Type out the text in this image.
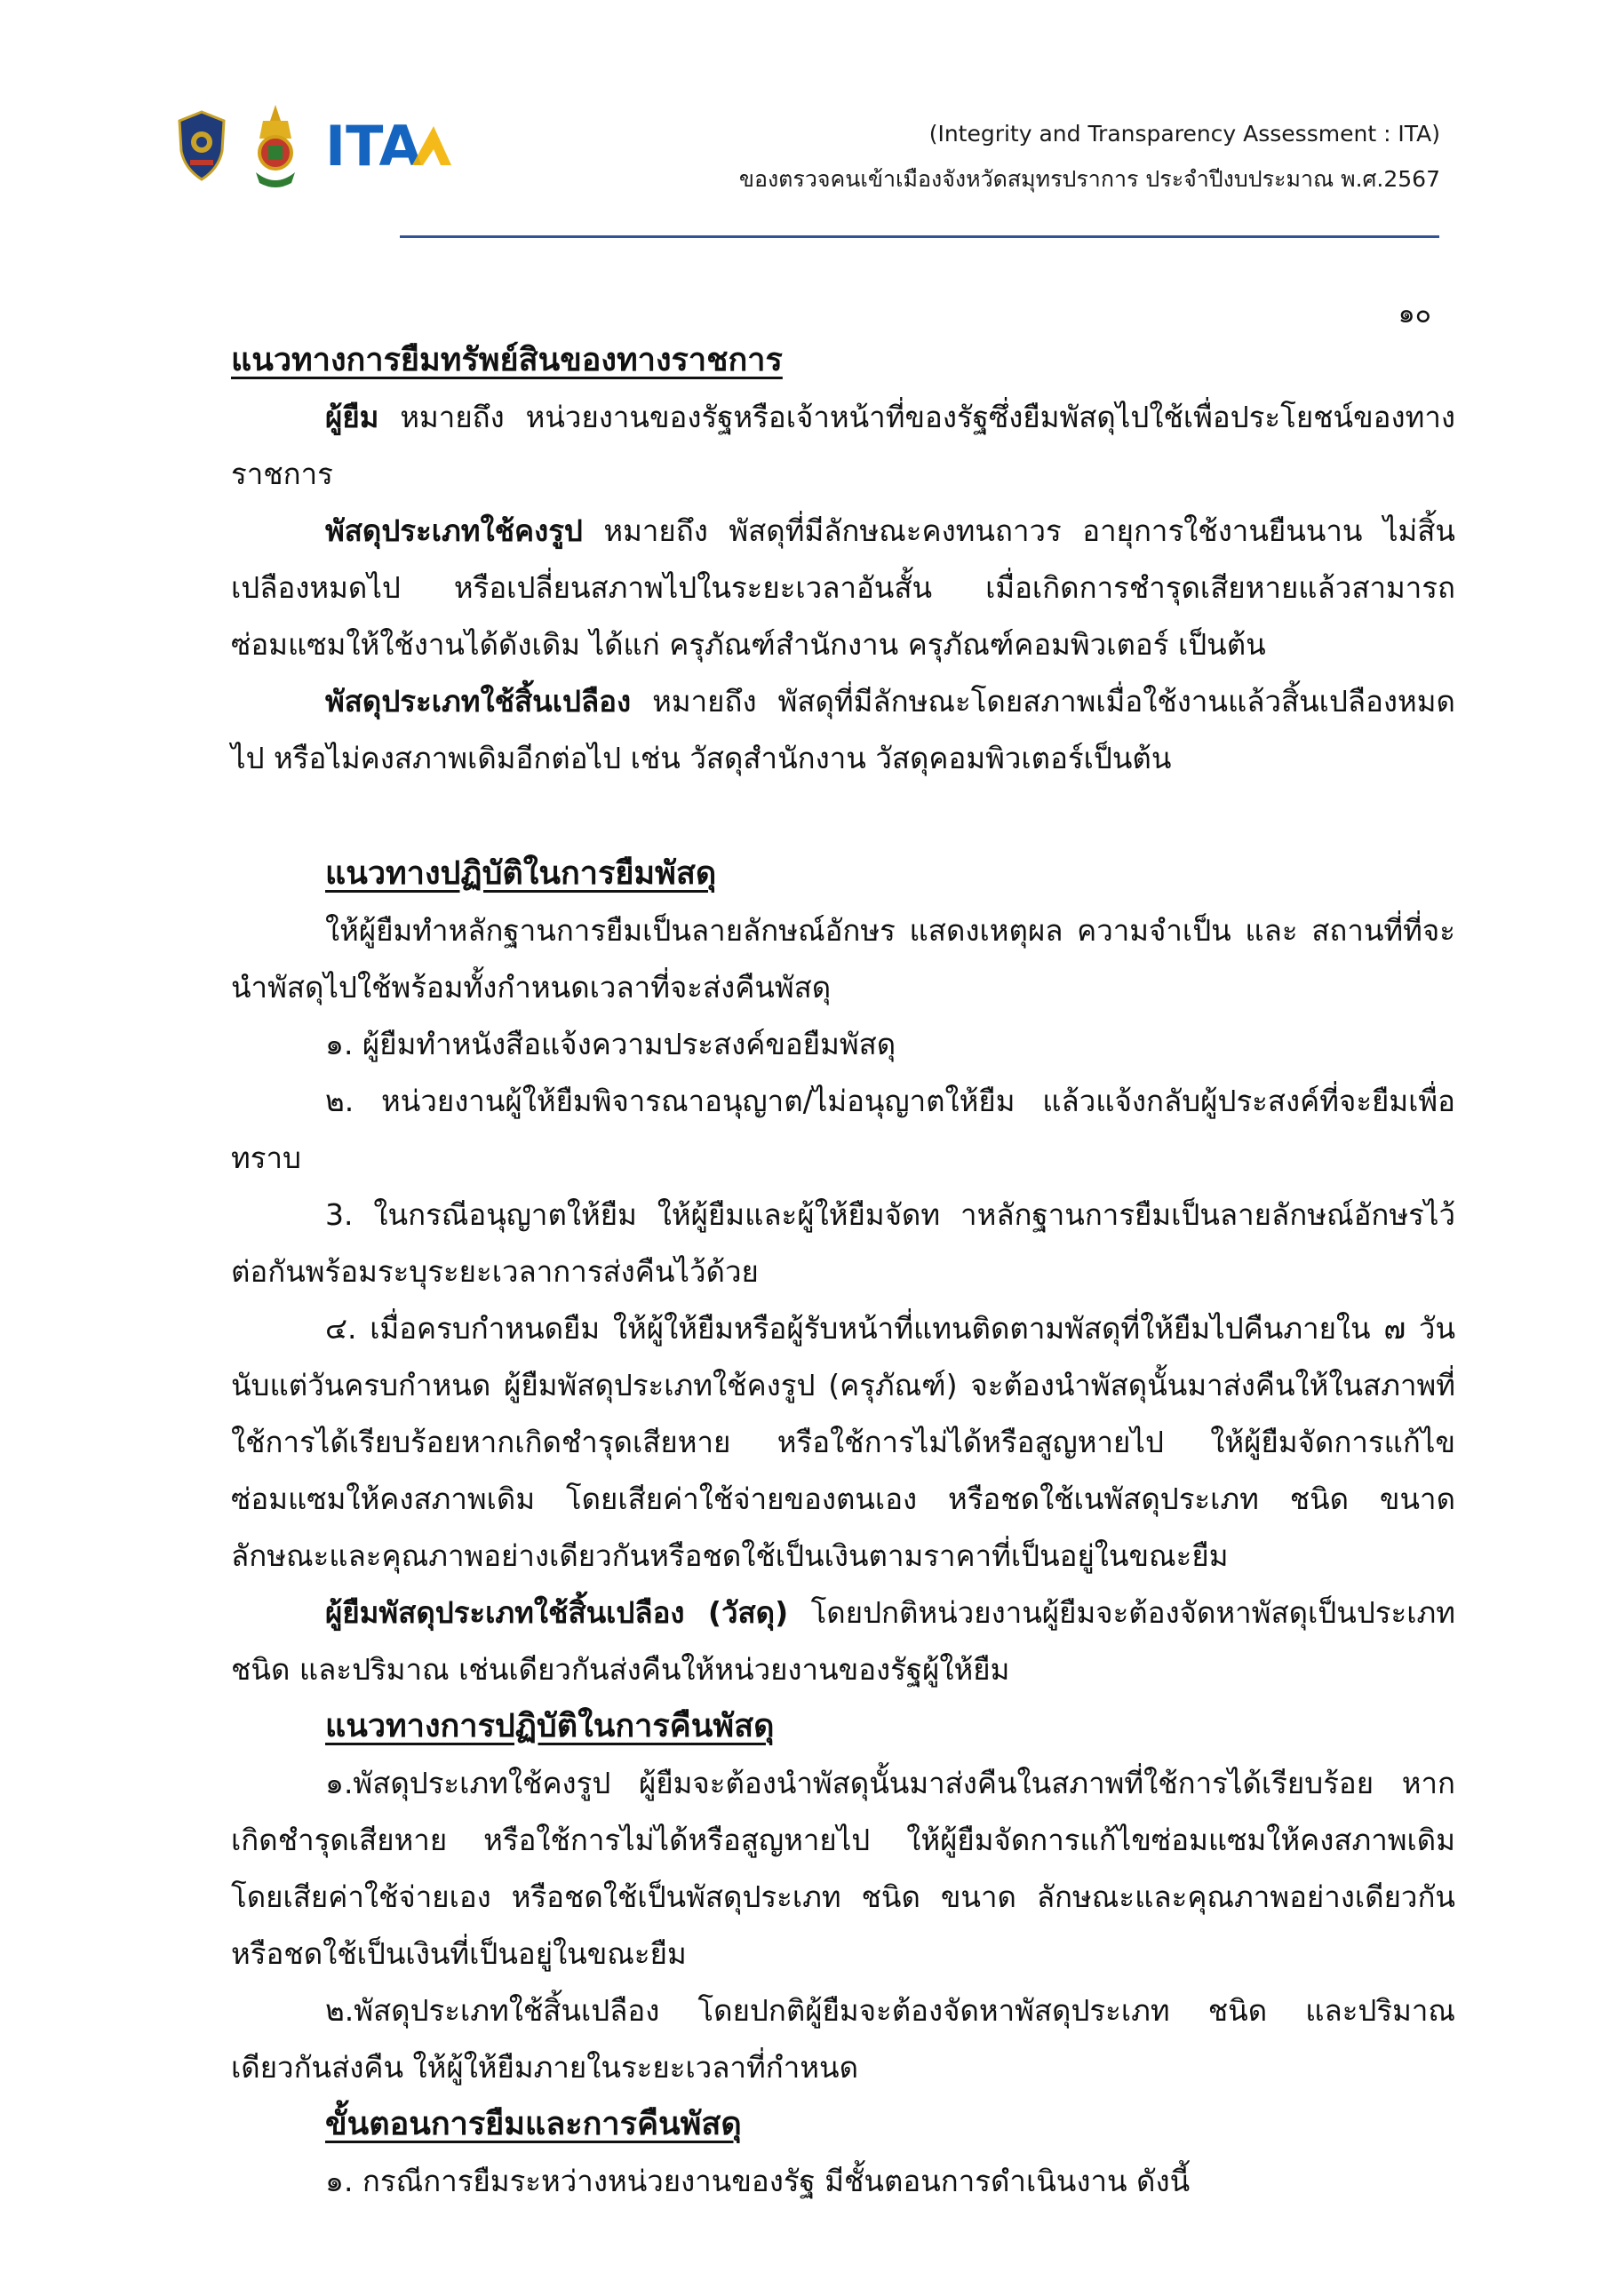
ITA	(Integrity and Transparency Assessment : ITA)
ของตรวจคนเข้าเมืองจังหวัดสมุทรปราการ ประจำปีงบประมาณ พ.ศ.2567
๑๐
แนวทางการยืมทรัพย์สินของทางราชการ

ผู้ยืม หมายถึง หน่วยงานของรัฐหรือเจ้าหน้าที่ของรัฐซึ่งยืมพัสดุไปใช้เพื่อประโยชน์ของทางราชการ

พัสดุประเภทใช้คงรูป หมายถึง พัสดุที่มีลักษณะคงทนถาวร อายุการใช้งานยืนนาน ไม่สิ้นเปลืองหมดไป หรือเปลี่ยนสภาพไปในระยะเวลาอันสั้น เมื่อเกิดการชำรุดเสียหายแล้วสามารถซ่อมแซมให้ใช้งานได้ดังเดิม ได้แก่ ครุภัณฑ์สำนักงาน ครุภัณฑ์คอมพิวเตอร์ เป็นต้น

พัสดุประเภทใช้สิ้นเปลือง หมายถึง พัสดุที่มีลักษณะโดยสภาพเมื่อใช้งานแล้วสิ้นเปลืองหมดไป หรือไม่คงสภาพเดิมอีกต่อไป เช่น วัสดุสำนักงาน วัสดุคอมพิวเตอร์เป็นต้น

แนวทางปฏิบัติในการยืมพัสดุ

ให้ผู้ยืมทำหลักฐานการยืมเป็นลายลักษณ์อักษร แสดงเหตุผล ความจำเป็น และ สถานที่ที่จะนำพัสดุไปใช้พร้อมทั้งกำหนดเวลาที่จะส่งคืนพัสดุ

๑. ผู้ยืมทำหนังสือแจ้งความประสงค์ขอยืมพัสดุ

๒. หน่วยงานผู้ให้ยืมพิจารณาอนุญาต/ไม่อนุญาตให้ยืม แล้วแจ้งกลับผู้ประสงค์ที่จะยืมเพื่อทราบ

3. ในกรณีอนุญาตให้ยืม ให้ผู้ยืมและผู้ให้ยืมจัดท าหลักฐานการยืมเป็นลายลักษณ์อักษรไว้ต่อกันพร้อมระบุระยะเวลาการส่งคืนไว้ด้วย

๔. เมื่อครบกำหนดยืม ให้ผู้ให้ยืมหรือผู้รับหน้าที่แทนติดตามพัสดุที่ให้ยืมไปคืนภายใน ๗ วัน นับแต่วันครบกำหนด ผู้ยืมพัสดุประเภทใช้คงรูป (ครุภัณฑ์) จะต้องนำพัสดุนั้นมาส่งคืนให้ในสภาพที่ใช้การได้เรียบร้อยหากเกิดชำรุดเสียหาย หรือใช้การไม่ได้หรือสูญหายไป ให้ผู้ยืมจัดการแก้ไขซ่อมแซมให้คงสภาพเดิม โดยเสียค่าใช้จ่ายของตนเอง หรือชดใช้เนพัสดุประเภท ชนิด ขนาด ลักษณะและคุณภาพอย่างเดียวกันหรือชดใช้เป็นเงินตามราคาที่เป็นอยู่ในขณะยืม

ผู้ยืมพัสดุประเภทใช้สิ้นเปลือง (วัสดุ) โดยปกติหน่วยงานผู้ยืมจะต้องจัดหาพัสดุเป็นประเภท ชนิด และปริมาณ เช่นเดียวกันส่งคืนให้หน่วยงานของรัฐผู้ให้ยืม

แนวทางการปฏิบัติในการคืนพัสดุ

๑.พัสดุประเภทใช้คงรูป ผู้ยืมจะต้องนำพัสดุนั้นมาส่งคืนในสภาพที่ใช้การได้เรียบร้อย หากเกิดชำรุดเสียหาย หรือใช้การไม่ได้หรือสูญหายไป ให้ผู้ยืมจัดการแก้ไขซ่อมแซมให้คงสภาพเดิม โดยเสียค่าใช้จ่ายเอง หรือชดใช้เป็นพัสดุประเภท ชนิด ขนาด ลักษณะและคุณภาพอย่างเดียวกัน หรือชดใช้เป็นเงินที่เป็นอยู่ในขณะยืม

๒.พัสดุประเภทใช้สิ้นเปลือง โดยปกติผู้ยืมจะต้องจัดหาพัสดุประเภท ชนิด และปริมาณเดียวกันส่งคืน ให้ผู้ให้ยืมภายในระยะเวลาที่กำหนด

ขั้นตอนการยืมและการคืนพัสดุ

๑. กรณีการยืมระหว่างหน่วยงานของรัฐ มีชั้นตอนการดำเนินงาน ดังนี้
